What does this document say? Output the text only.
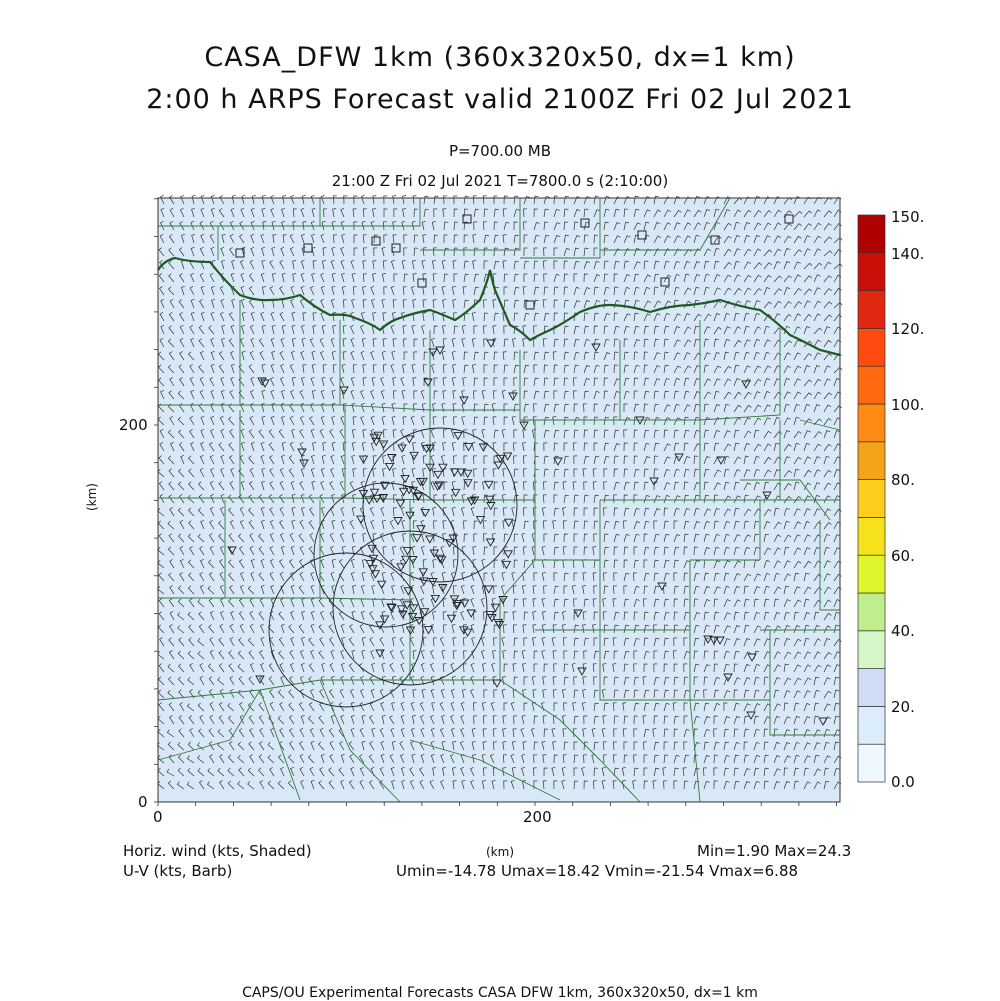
CASA_DFW 1km (360x320x50, dx=1 km)
2:00 h ARPS Forecast valid 2100Z Fri 02 Jul 2021
P=700.00 MB
21:00 Z Fri 02 Jul 2021 T=7800.0 s (2:10:00)
0
200
0	200
(km)
150.
140.
120.
100.
80.
60.
40.
20.
0.0
Horiz. wind (kts, Shaded)
U-V (kts, Barb)
(km)	Min=1.90 Max=24.3
Umin=-14.78 Umax=18.42 Vmin=-21.54 Vmax=6.88
CAPS/OU Experimental Forecasts CASA DFW 1km, 360x320x50, dx=1 km
